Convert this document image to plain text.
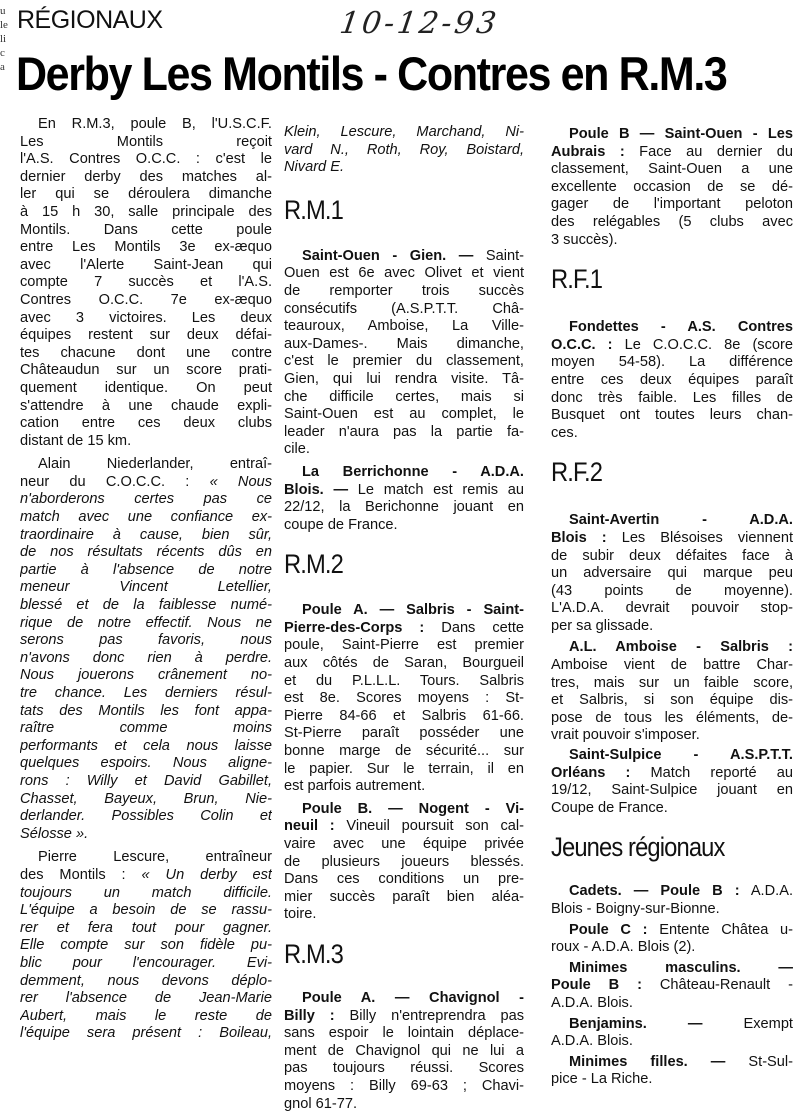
u
le
li
c
a
RÉGIONAUX	10-12-93
Derby Les Montils - Contres en R.M.3
En R.M.3, poule B, l'U.S.C.F.
Les Montils reçoit
l'A.S. Contres O.C.C. : c'est le
dernier derby des matches al-
ler qui se déroulera dimanche
à 15 h 30, salle principale des
Montils. Dans cette poule
entre Les Montils 3e ex-æquo
avec l'Alerte Saint-Jean qui
compte 7 succès et l'A.S.
Contres O.C.C. 7e ex-æquo
avec 3 victoires. Les deux
équipes restent sur deux défai-
tes chacune dont une contre
Châteaudun sur un score prati-
quement identique. On peut
s'attendre à une chaude expli-
cation entre ces deux clubs
distant de 15 km.
Alain Niederlander, entraî-
neur du C.O.C.C. : « Nous
n'aborderons certes pas ce
match avec une confiance ex-
traordinaire à cause, bien sûr,
de nos résultats récents dûs en
partie à l'absence de notre
meneur Vincent Letellier,
blessé et de la faiblesse numé-
rique de notre effectif. Nous ne
serons pas favoris, nous
n'avons donc rien à perdre.
Nous jouerons crânement no-
tre chance. Les derniers résul-
tats des Montils les font appa-
raître comme moins
performants et cela nous laisse
quelques espoirs. Nous aligne-
rons : Willy et David Gabillet,
Chasset, Bayeux, Brun, Nie-
derlander. Possibles Colin et
Sélosse ».
Pierre Lescure, entraîneur
des Montils : « Un derby est
toujours un match difficile.
L'équipe a besoin de se rassu-
rer et fera tout pour gagner.
Elle compte sur son fidèle pu-
blic pour l'encourager. Evi-
demment, nous devons déplo-
rer l'absence de Jean-Marie
Aubert, mais le reste de
l'équipe sera présent : Boileau,
Klein, Lescure, Marchand, Ni-
vard N., Roth, Roy, Boistard,
Nivard E.
R.M.1
Saint-Ouen - Gien. — Saint-
Ouen est 6e avec Olivet et vient
de remporter trois succès
consécutifs (A.S.P.T.T. Châ-
teauroux, Amboise, La Ville-
aux-Dames-. Mais dimanche,
c'est le premier du classement,
Gien, qui lui rendra visite. Tâ-
che difficile certes, mais si
Saint-Ouen est au complet, le
leader n'aura pas la partie fa-
cile.
La Berrichonne - A.D.A.
Blois. — Le match est remis au
22/12, la Berichonne jouant en
coupe de France.
R.M.2
Poule A. — Salbris - Saint-
Pierre-des-Corps : Dans cette
poule, Saint-Pierre est premier
aux côtés de Saran, Bourgueil
et du P.L.L.L. Tours. Salbris
est 8e. Scores moyens : St-
Pierre 84-66 et Salbris 61-66.
St-Pierre paraît posséder une
bonne marge de sécurité... sur
le papier. Sur le terrain, il en
est parfois autrement.
Poule B. — Nogent - Vi-
neuil : Vineuil poursuit son cal-
vaire avec une équipe privée
de plusieurs joueurs blessés.
Dans ces conditions un pre-
mier succès paraît bien aléa-
toire.
R.M.3
Poule A. — Chavignol -
Billy : Billy n'entreprendra pas
sans espoir le lointain déplace-
ment de Chavignol qui ne lui a
pas toujours réussi. Scores
moyens : Billy 69-63 ; Chavi-
gnol 61-77.
Poule B — Saint-Ouen - Les
Aubrais : Face au dernier du
classement, Saint-Ouen a une
excellente occasion de se dé-
gager de l'important peloton
des relégables (5 clubs avec
3 succès).
R.F.1
Fondettes - A.S. Contres
O.C.C. : Le C.O.C.C. 8e (score
moyen 54-58). La différence
entre ces deux équipes paraît
donc très faible. Les filles de
Busquet ont toutes leurs chan-
ces.
R.F.2
Saint-Avertin - A.D.A.
Blois : Les Blésoises viennent
de subir deux défaites face à
un adversaire qui marque peu
(43 points de moyenne).
L'A.D.A. devrait pouvoir stop-
per sa glissade.
A.L. Amboise - Salbris :
Amboise vient de battre Char-
tres, mais sur un faible score,
et Salbris, si son équipe dis-
pose de tous les éléments, de-
vrait pouvoir s'imposer.
Saint-Sulpice - A.S.P.T.T.
Orléans : Match reporté au
19/12, Saint-Sulpice jouant en
Coupe de France.
Jeunes régionaux
Cadets. — Poule B : A.D.A.
Blois - Boigny-sur-Bionne.
Poule C : Entente Châtea u-
roux - A.D.A. Blois (2).
Minimes masculins. —
Poule B : Château-Renault -
A.D.A. Blois.
Benjamins. — Exempt
A.D.A. Blois.
Minimes filles. — St-Sul-
pice - La Riche.
